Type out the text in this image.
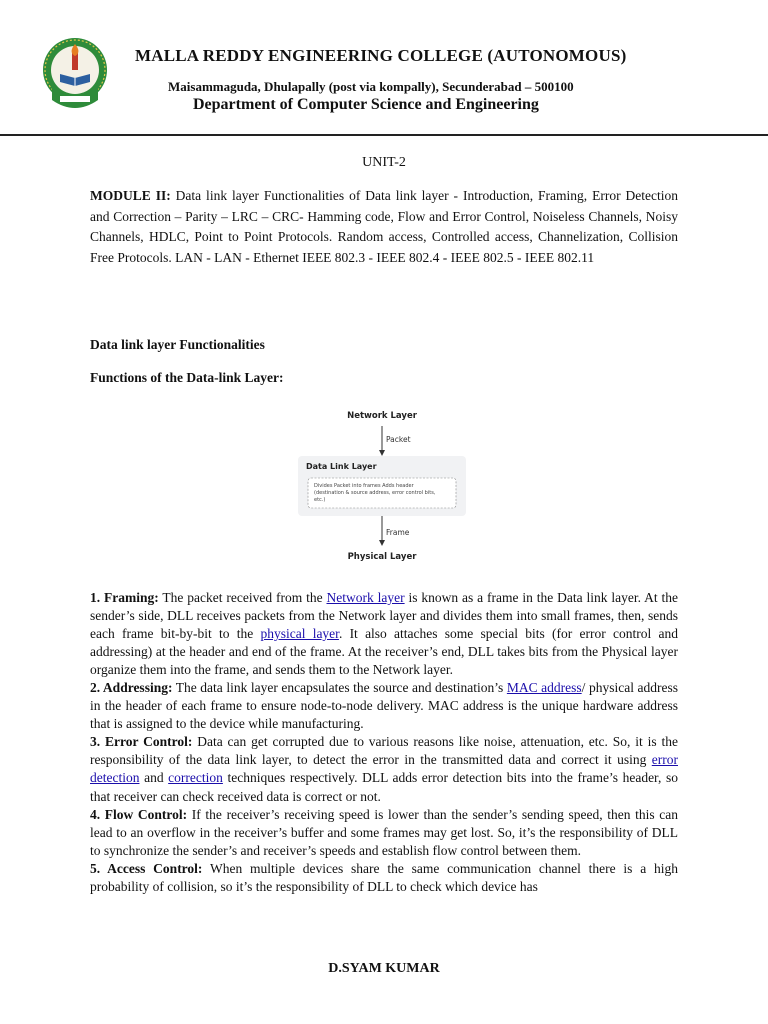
MALLA REDDY ENGINEERING COLLEGE (AUTONOMOUS)
Maisammaguda, Dhulapally (post via kompally), Secunderabad – 500100
Department of Computer Science and Engineering
UNIT-2
MODULE II: Data link layer Functionalities of Data link layer - Introduction, Framing, Error Detection and Correction – Parity – LRC – CRC- Hamming code, Flow and Error Control, Noiseless Channels, Noisy Channels, HDLC, Point to Point Protocols. Random access, Controlled access, Channelization, Collision Free Protocols. LAN - LAN - Ethernet IEEE 802.3 - IEEE 802.4 - IEEE 802.5 - IEEE 802.11
Data link layer Functionalities
Functions of the Data-link Layer:
Network Layer
Packet
Data Link Layer
Divides Packet into frames Adds header
(destination & source address, error control bits,
etc.)
Frame
Physical Layer
1. Framing: The packet received from the Network layer is known as a frame in the Data link layer. At the sender’s side, DLL receives packets from the Network layer and divides them into small frames, then, sends each frame bit-by-bit to the physical layer. It also attaches some special bits (for error control and addressing) at the header and end of the frame. At the receiver’s end, DLL takes bits from the Physical layer organize them into the frame, and sends them to the Network layer.
2. Addressing: The data link layer encapsulates the source and destination’s MAC address/ physical address in the header of each frame to ensure node-to-node delivery. MAC address is the unique hardware address that is assigned to the device while manufacturing.
3. Error Control: Data can get corrupted due to various reasons like noise, attenuation, etc. So, it is the responsibility of the data link layer, to detect the error in the transmitted data and correct it using error detection and correction techniques respectively. DLL adds error detection bits into the frame’s header, so that receiver can check received data is correct or not.
4. Flow Control: If the receiver’s receiving speed is lower than the sender’s sending speed, then this can lead to an overflow in the receiver’s buffer and some frames may get lost. So, it’s the responsibility of DLL to synchronize the sender’s and receiver’s speeds and establish flow control between them.
5. Access Control: When multiple devices share the same communication channel there is a high probability of collision, so it’s the responsibility of DLL to check which device has
D.SYAM KUMAR
